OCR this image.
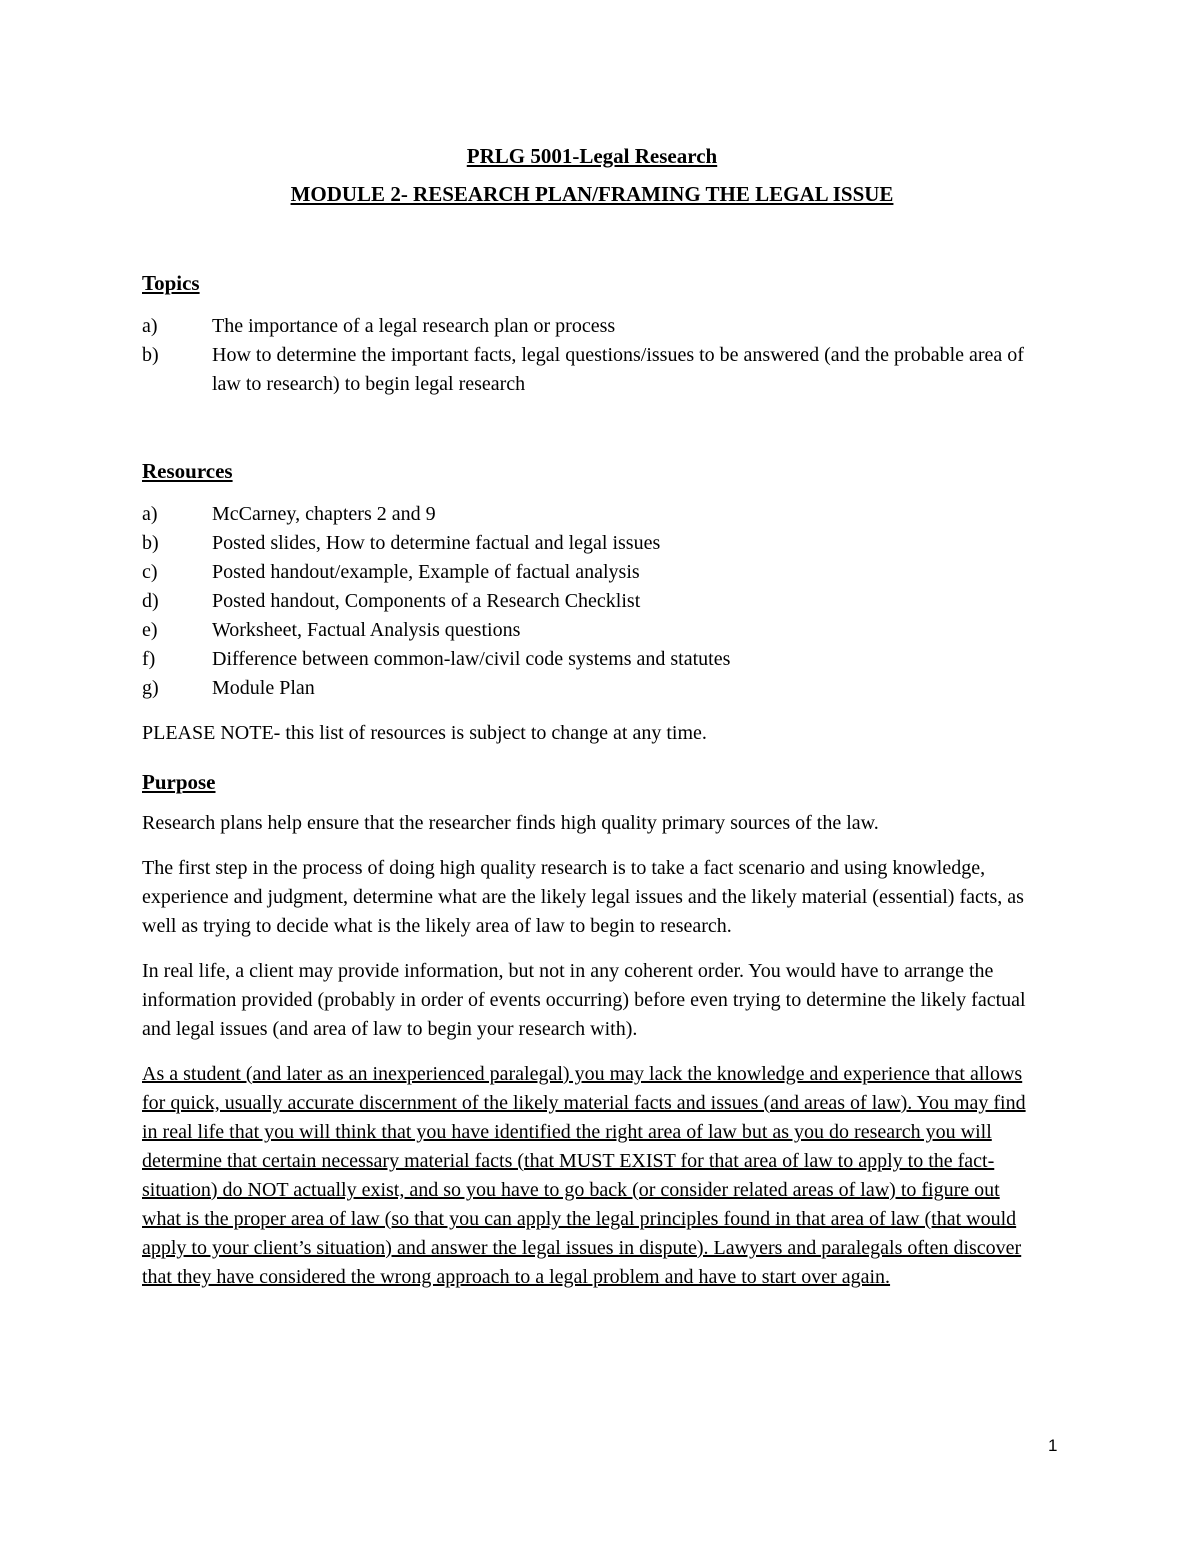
PRLG 5001-Legal Research

MODULE 2- RESEARCH PLAN/FRAMING THE LEGAL ISSUE

Topics

a)	The importance of a legal research plan or process
b)	How to determine the important facts, legal questions/issues to be answered (and the probable area of law to research) to begin legal research

Resources

a)	McCarney, chapters 2 and 9
b)	Posted slides, How to determine factual and legal issues
c)	Posted handout/example, Example of factual analysis
d)	Posted handout, Components of a Research Checklist
e)	Worksheet, Factual Analysis questions
f)	Difference between common-law/civil code systems and statutes
g)	Module Plan

PLEASE NOTE- this list of resources is subject to change at any time.

Purpose

Research plans help ensure that the researcher finds high quality primary sources of the law.

The first step in the process of doing high quality research is to take a fact scenario and using knowledge, experience and judgment, determine what are the likely legal issues and the likely material (essential) facts, as well as trying to decide what is the likely area of law to begin to research.

In real life, a client may provide information, but not in any coherent order. You would have to arrange the information provided (probably in order of events occurring) before even trying to determine the likely factual and legal issues (and area of law to begin your research with).

As a student (and later as an inexperienced paralegal) you may lack the knowledge and experience that allows for quick, usually accurate discernment of the likely material facts and issues (and areas of law). You may find in real life that you will think that you have identified the right area of law but as you do research you will determine that certain necessary material facts (that MUST EXIST for that area of law to apply to the fact-situation) do NOT actually exist, and so you have to go back (or consider related areas of law) to figure out what is the proper area of law (so that you can apply the legal principles found in that area of law (that would apply to your client’s situation) and answer the legal issues in dispute). Lawyers and paralegals often discover that they have considered the wrong approach to a legal problem and have to start over again.

1
